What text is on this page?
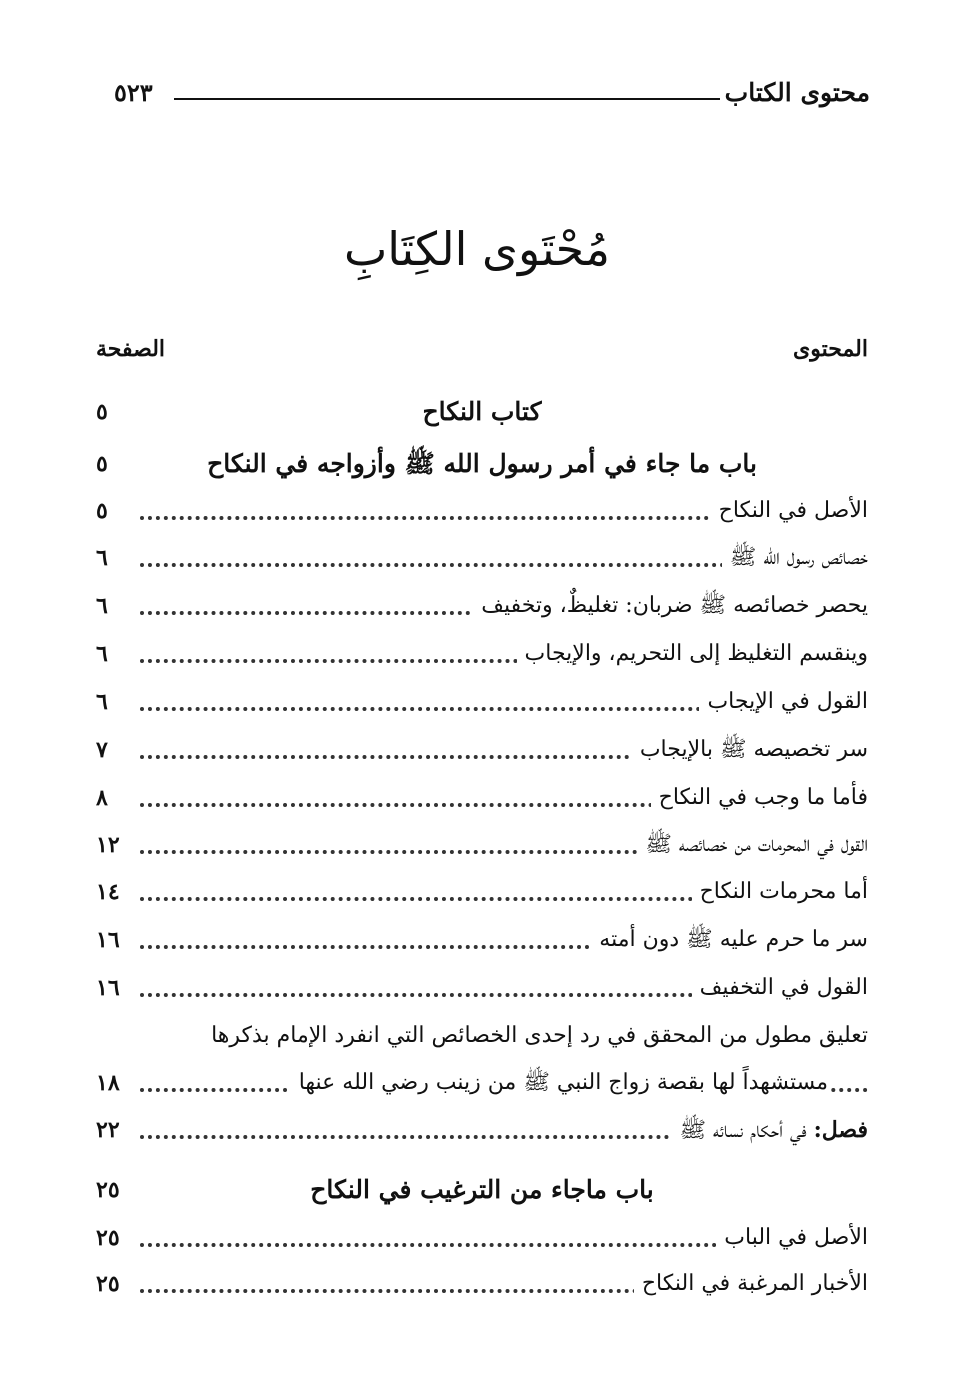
محتوى الكتاب
٥٢٣
مُحْتَوى الكِتَابِ
المحتوى
الصفحة
كتاب النكاح
٥
باب ما جاء في أمر رسول الله ﷺ وأزواجه في النكاح
٥
الأصل في النكاح
٥
خصائص رسول الله ﷺ
٦
يحصر خصائصه ﷺ ضربان: تغليظٌ، وتخفيف
٦
وينقسم التغليظ إلى التحريم، والإيجاب
٦
القول في الإيجاب
٦
سر تخصيصه ﷺ بالإيجاب
٧
فأما ما وجب في النكاح
٨
القول في المحرمات من خصائصه ﷺ
١٢
أما محرمات النكاح
١٤
سر ما حرم عليه ﷺ دون أمته
١٦
القول في التخفيف
١٦
تعليق مطول من المحقق في رد إحدى الخصائص التي انفرد الإمام بذكرها
مستشهداً لها بقصة زواج النبي ﷺ من زينب رضي الله عنها
١٨
فصل: في أحكام نسائه ﷺ
٢٢
باب ماجاء من الترغيب في النكاح
٢٥
الأصل في الباب
٢٥
الأخبار المرغبة في النكاح
٢٥
